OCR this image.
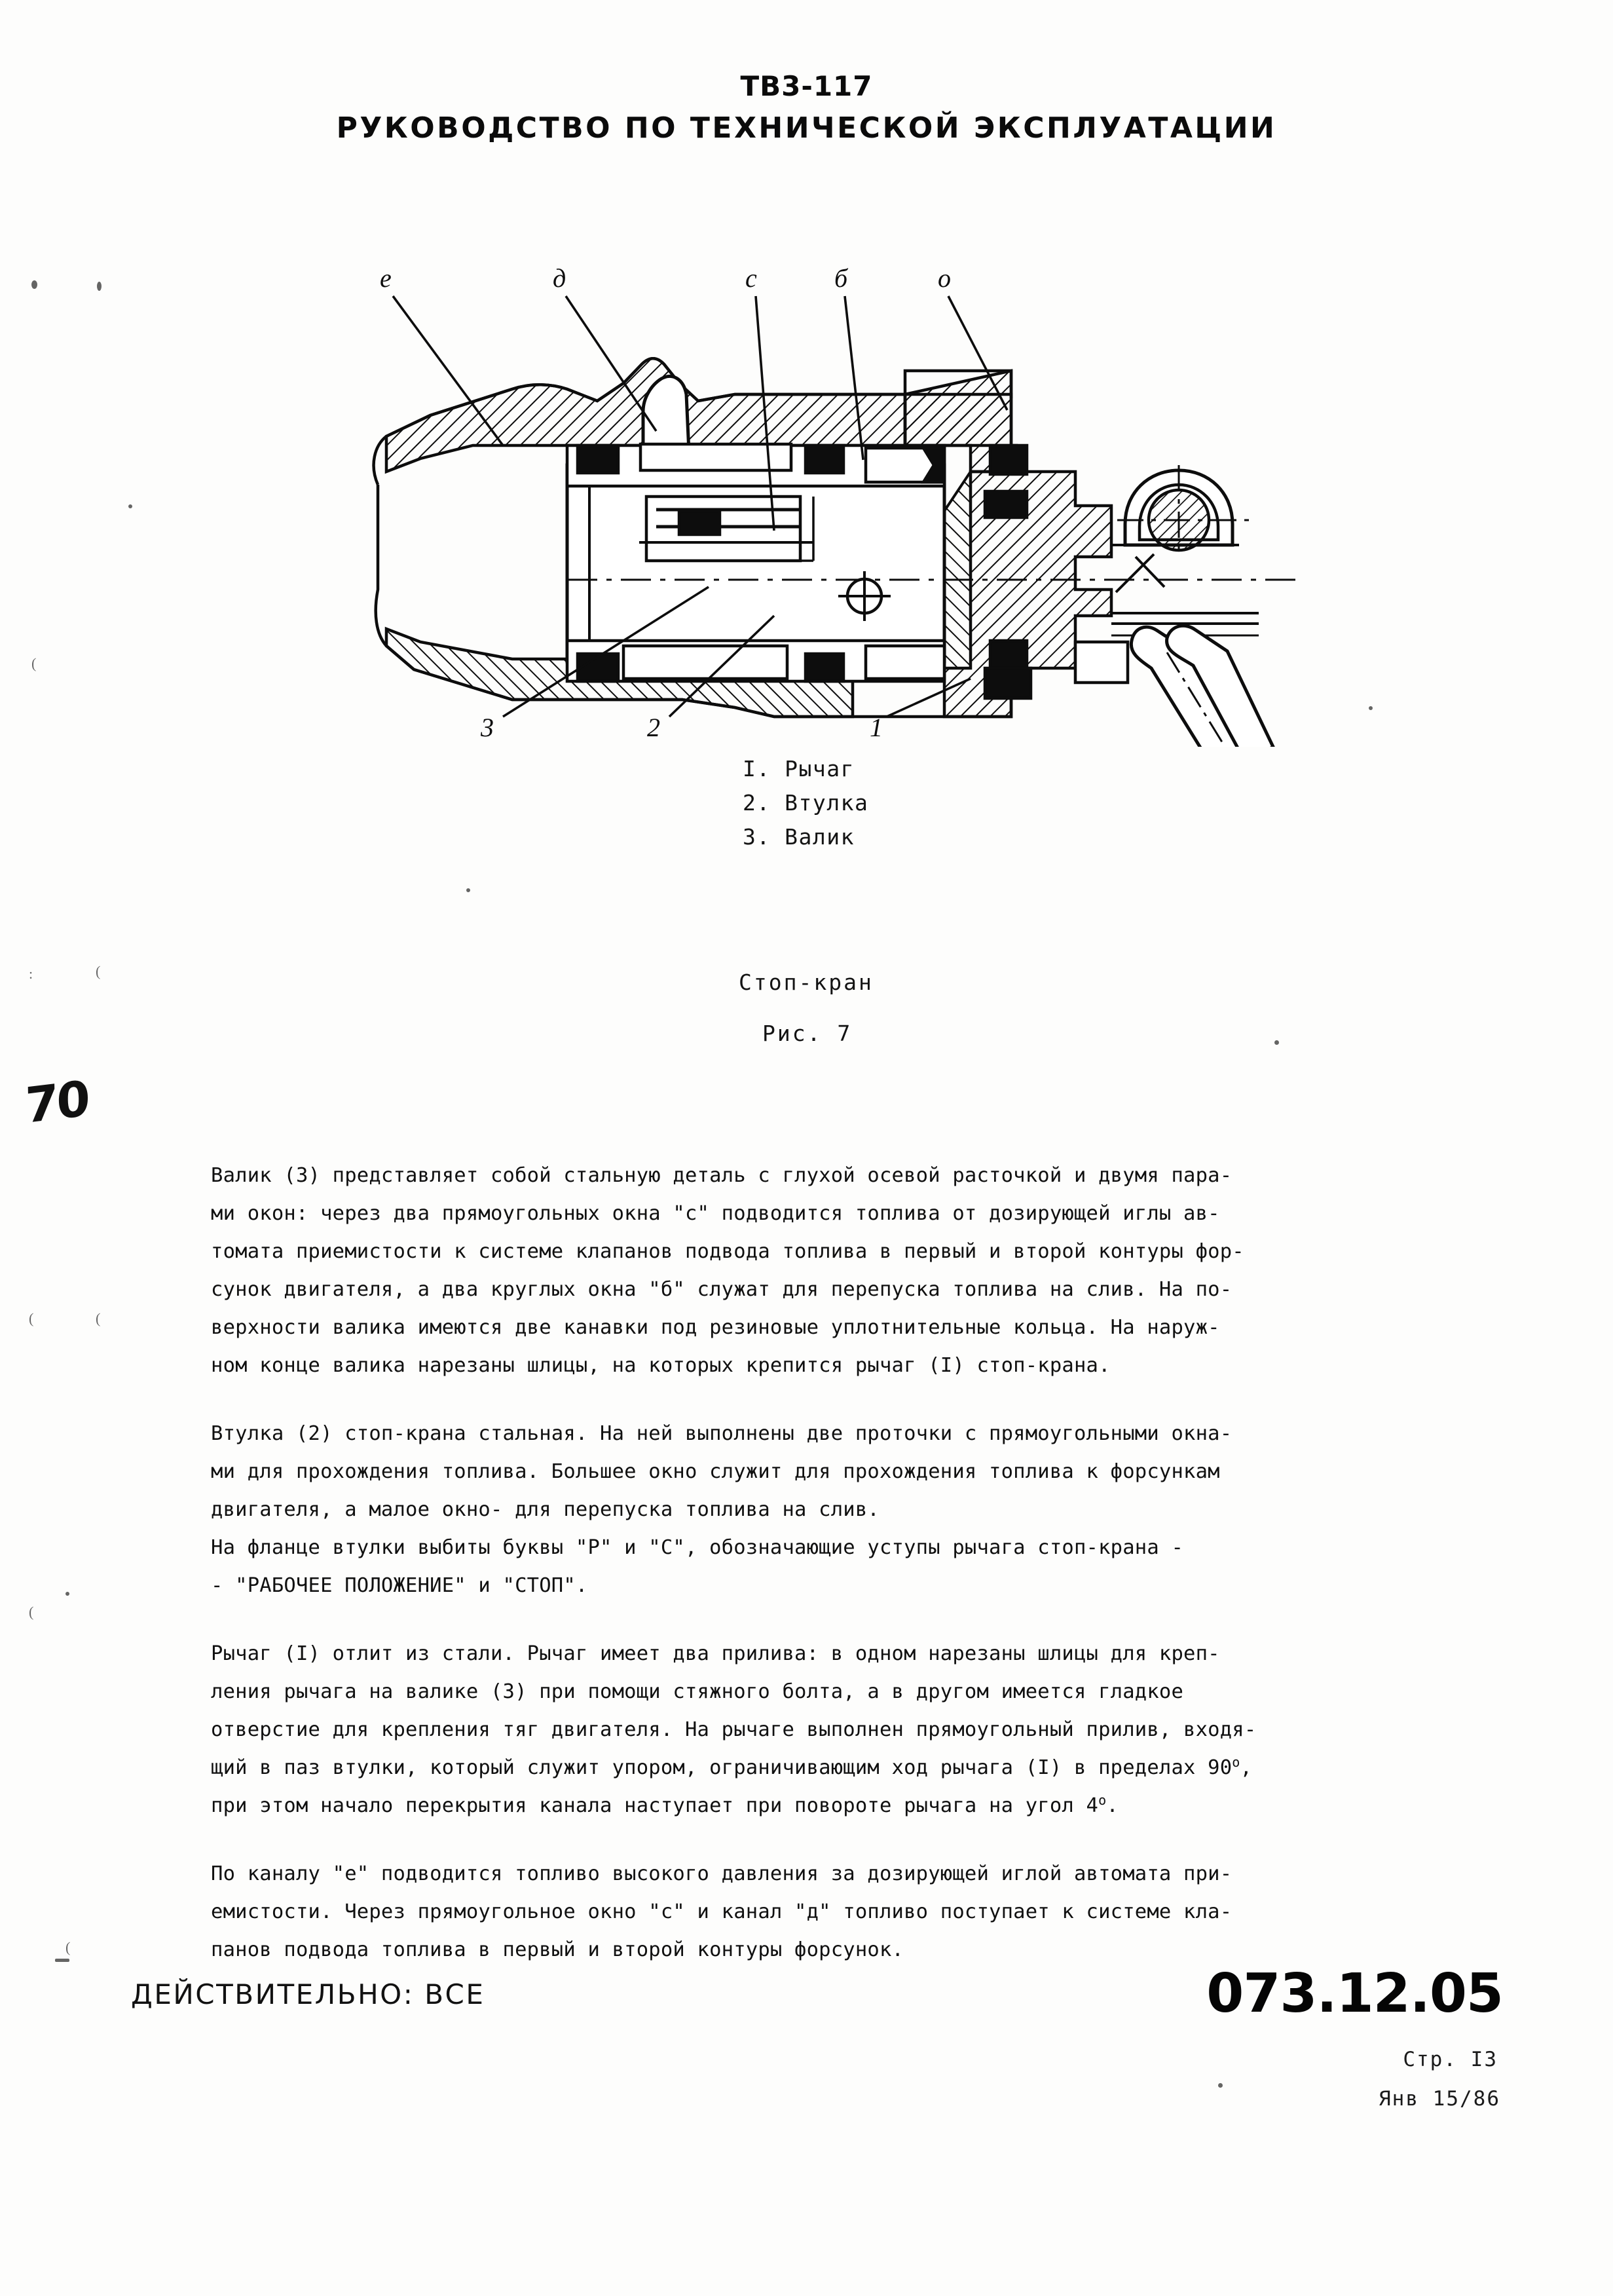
ТВ3-117
РУКОВОДСТВО ПО ТЕХНИЧЕСКОЙ ЭКСПЛУАТАЦИИ
:	(
(	(
(
(
(
70
е	д	с	б	о
3	2	1
I. Рычаг
2. Втулка
3. Валик
Стоп-кран
Рис. 7

Валик (3) представляет собой стальную деталь с глухой осевой расточкой и двумя пара-
ми окон: через два прямоугольных окна "с" подводится топлива от дозирующей иглы ав-
томата приемистости к системе клапанов подвода топлива в первый и второй контуры фор-
сунок двигателя, а два круглых окна "б" служат для перепуска топлива на слив. На по-
верхности валика имеются две канавки под резиновые уплотнительные кольца. На наруж-
ном конце валика нарезаны шлицы, на которых крепится рычаг (I) стоп-крана.

Втулка (2) стоп-крана стальная. На ней выполнены две проточки с прямоугольными окна-
ми для прохождения топлива. Большее окно служит для прохождения топлива к форсункам
двигателя, а малое окно- для перепуска топлива на слив.
На фланце втулки выбиты буквы "Р" и "С", обозначающие уступы рычага стоп-крана -
- "РАБОЧЕЕ ПОЛОЖЕНИЕ" и "СТОП".

Рычаг (I) отлит из стали. Рычаг имеет два прилива: в одном нарезаны шлицы для креп-
ления рычага на валике (3) при помощи стяжного болта, а в другом имеется гладкое
отверстие для крепления тяг двигателя. На рычаге выполнен прямоугольный прилив, входя-
щий в паз втулки, который служит упором, ограничивающим ход рычага (I) в пределах 90$^o$,
при этом начало перекрытия канала наступает при повороте рычага на угол 4$^o$.

По каналу "е" подводится топливо высокого давления за дозирующей иглой автомата при-
емистости. Через прямоугольное окно "с" и канал "д" топливо поступает к системе кла-
панов подвода топлива в первый и второй контуры форсунок.

ДЕЙСТВИТЕЛЬНО: ВСЕ	073.12.05
Стр. I3
Янв 15/86
